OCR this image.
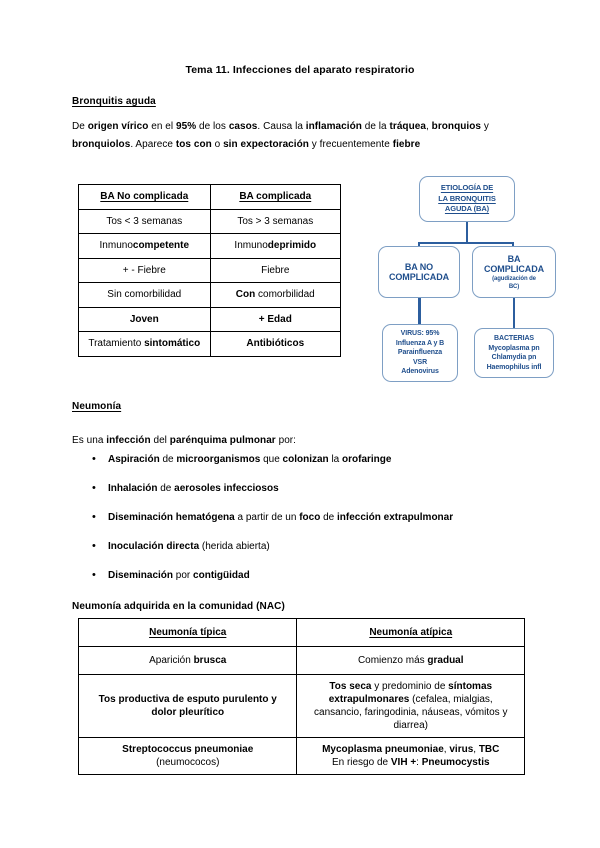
Tema 11. Infecciones del aparato respiratorio
Bronquitis aguda
De origen vírico en el 95% de los casos. Causa la inflamación de la tráquea, bronquios y bronquiolos. Aparece tos con o sin expectoración y frecuentemente fiebre
BA No complicada	BA complicada
Tos < 3 semanas	Tos > 3 semanas
Inmunocompetente	Inmunodeprimido
+ - Fiebre	Fiebre
Sin comorbilidad	Con comorbilidad
Joven	+ Edad
Tratamiento sintomático	Antibióticos
ETIOLOGÍA DE
LA BRONQUITIS
AGUDA (BA)
BA NO
COMPLICADA
BA
COMPLICADA
(agudización de
BC)
VIRUS: 95%
Influenza A y B
Parainfluenza
VSR
Adenovirus
BACTERIAS
Mycoplasma pn
Chlamydia pn
Haemophilus infl
Neumonía
Es una infección del parénquima pulmonar por:
• Aspiración de microorganismos que colonizan la orofaringe
• Inhalación de aerosoles infecciosos
• Diseminación hematógena a partir de un foco de infección extrapulmonar
• Inoculación directa (herida abierta)
• Diseminación por contigüidad
Neumonía adquirida en la comunidad (NAC)
Neumonía típica	Neumonía atípica
Aparición brusca	Comienzo más gradual
Tos productiva de esputo purulento y dolor pleurítico	Tos seca y predominio de síntomas extrapulmonares (cefalea, mialgias, cansancio, faringodinia, náuseas, vómitos y diarrea)
Streptococcus pneumoniae
(neumococos)	Mycoplasma pneumoniae, virus, TBC
En riesgo de VIH +: Pneumocystis
